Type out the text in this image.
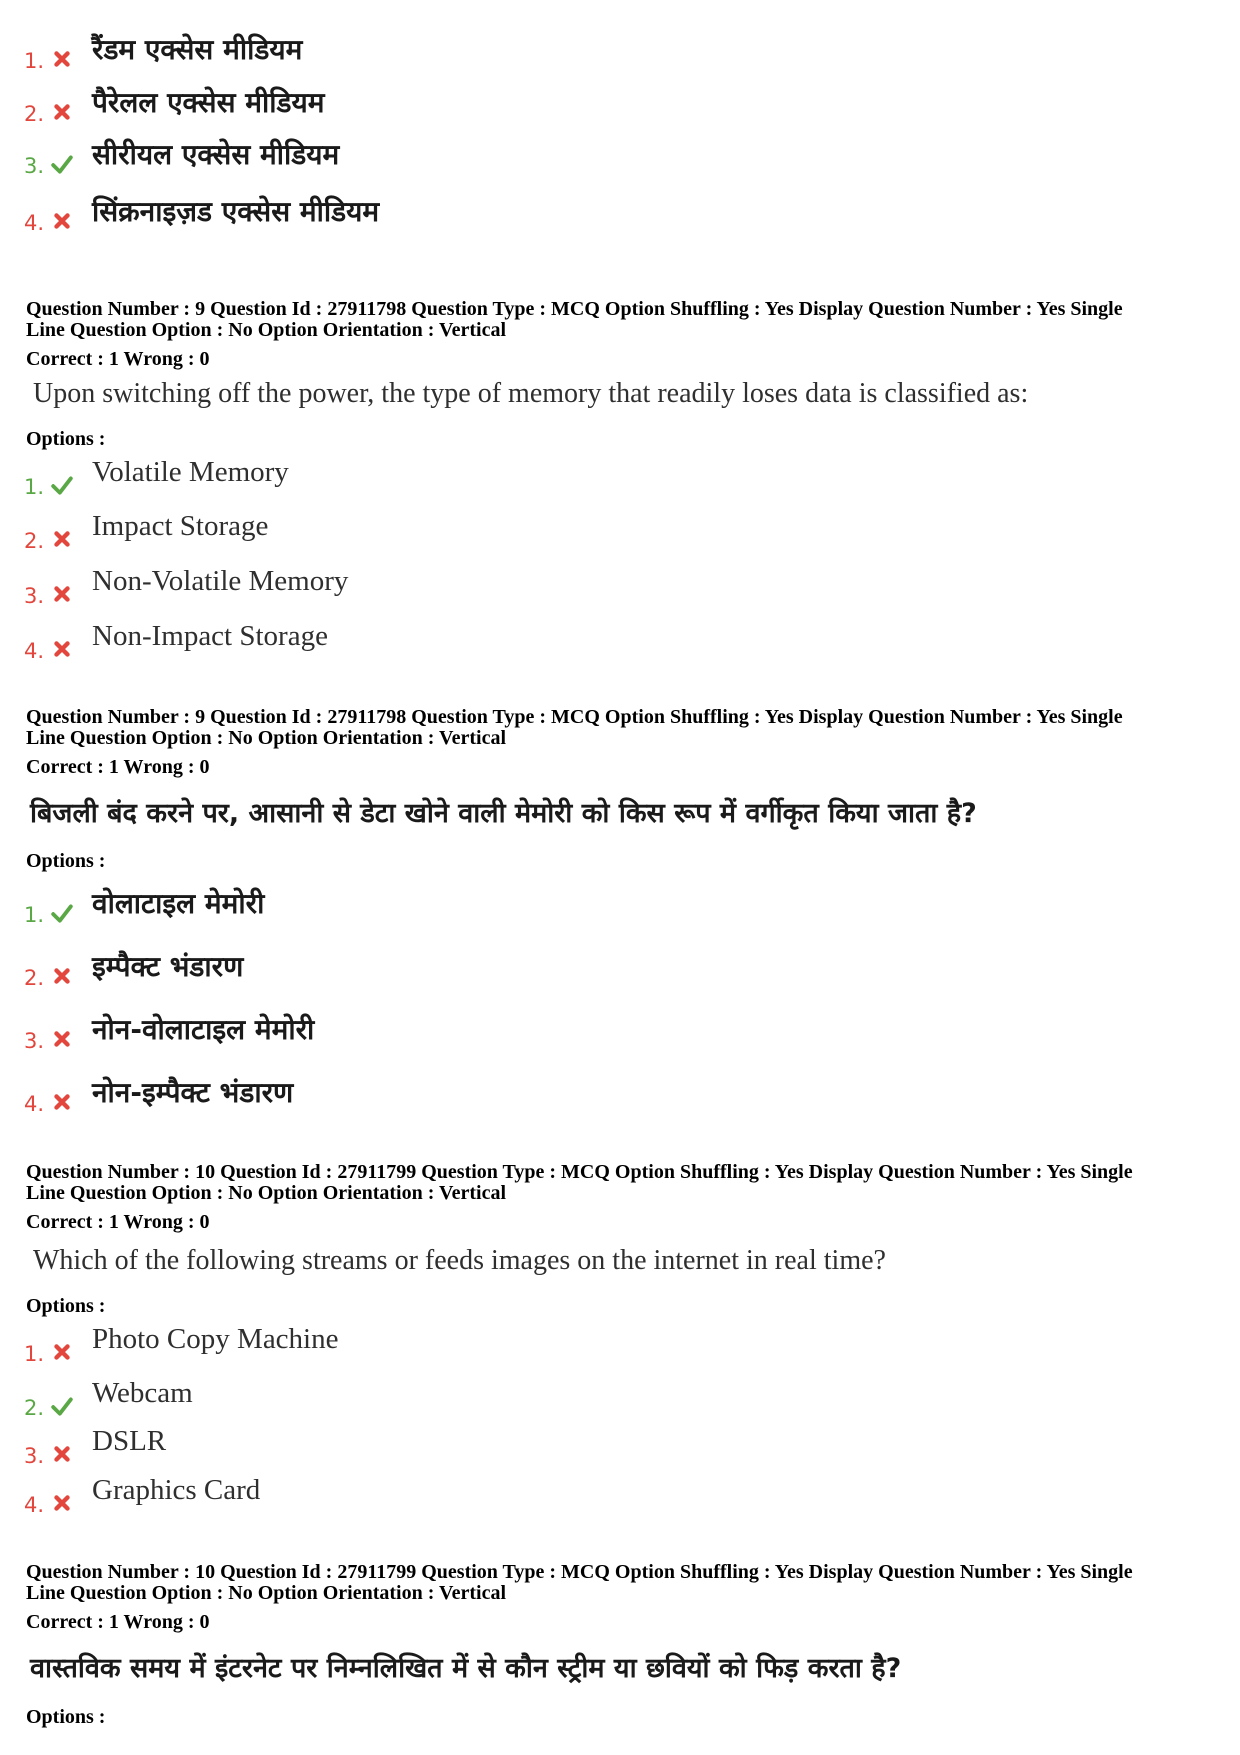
1. रैंडम एक्सेस मीडियम
2. पैरेलल एक्सेस मीडियम
3. सीरीयल एक्सेस मीडियम
4. सिंक्रनाइज़ड एक्सेस मीडियम
Question Number : 9 Question Id : 27911798 Question Type : MCQ Option Shuffling : Yes Display Question Number : Yes Single
Line Question Option : No Option Orientation : Vertical
Correct : 1 Wrong : 0
Upon switching off the power, the type of memory that readily loses data is classified as:
Options :
1. Volatile Memory
2. Impact Storage
3. Non-Volatile Memory
4. Non-Impact Storage
Question Number : 9 Question Id : 27911798 Question Type : MCQ Option Shuffling : Yes Display Question Number : Yes Single
Line Question Option : No Option Orientation : Vertical
Correct : 1 Wrong : 0
बिजली बंद करने पर, आसानी से डेटा खोने वाली मेमोरी को किस रूप में वर्गीकृत किया जाता है?
Options :
1. वोलाटाइल मेमोरी
2. इम्पैक्ट भंडारण
3. नोन-वोलाटाइल मेमोरी
4. नोन-इम्पैक्ट भंडारण
Question Number : 10 Question Id : 27911799 Question Type : MCQ Option Shuffling : Yes Display Question Number : Yes Single
Line Question Option : No Option Orientation : Vertical
Correct : 1 Wrong : 0
Which of the following streams or feeds images on the internet in real time?
Options :
1. Photo Copy Machine
2. Webcam
3. DSLR
4. Graphics Card
Question Number : 10 Question Id : 27911799 Question Type : MCQ Option Shuffling : Yes Display Question Number : Yes Single
Line Question Option : No Option Orientation : Vertical
Correct : 1 Wrong : 0
वास्तविक समय में इंटरनेट पर निम्नलिखित में से कौन स्ट्रीम या छवियों को फिड़ करता है?
Options :
